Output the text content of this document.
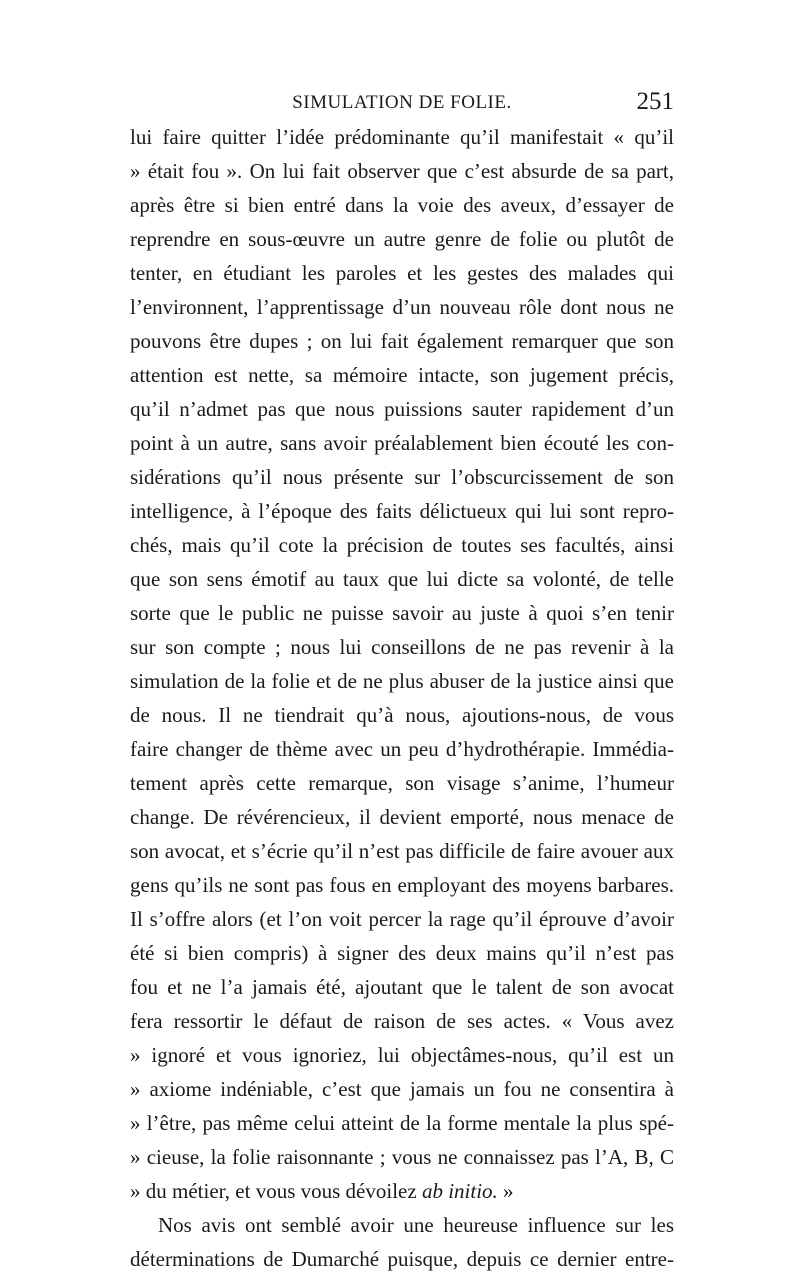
SIMULATION DE FOLIE.	251
lui faire quitter l’idée prédominante qu’il manifestait « qu’il
» était fou ». On lui fait observer que c’est absurde de sa part,
après être si bien entré dans la voie des aveux, d’essayer de
reprendre en sous-œuvre un autre genre de folie ou plutôt de
tenter, en étudiant les paroles et les gestes des malades qui
l’environnent, l’apprentissage d’un nouveau rôle dont nous ne
pouvons être dupes ; on lui fait également remarquer que son
attention est nette, sa mémoire intacte, son jugement précis,
qu’il n’admet pas que nous puissions sauter rapidement d’un
point à un autre, sans avoir préalablement bien écouté les con-
sidérations qu’il nous présente sur l’obscurcissement de son
intelligence, à l’époque des faits délictueux qui lui sont repro-
chés, mais qu’il cote la précision de toutes ses facultés, ainsi
que son sens émotif au taux que lui dicte sa volonté, de telle
sorte que le public ne puisse savoir au juste à quoi s’en tenir
sur son compte ; nous lui conseillons de ne pas revenir à la
simulation de la folie et de ne plus abuser de la justice ainsi que
de nous. Il ne tiendrait qu’à nous, ajoutions-nous, de vous
faire changer de thème avec un peu d’hydrothérapie. Immédia-
tement après cette remarque, son visage s’anime, l’humeur
change. De révérencieux, il devient emporté, nous menace de
son avocat, et s’écrie qu’il n’est pas difficile de faire avouer aux
gens qu’ils ne sont pas fous en employant des moyens barbares.
Il s’offre alors (et l’on voit percer la rage qu’il éprouve d’avoir
été si bien compris) à signer des deux mains qu’il n’est pas
fou et ne l’a jamais été, ajoutant que le talent de son avocat
fera ressortir le défaut de raison de ses actes. « Vous avez
» ignoré et vous ignoriez, lui objectâmes-nous, qu’il est un
» axiome indéniable, c’est que jamais un fou ne consentira à
» l’être, pas même celui atteint de la forme mentale la plus spé-
» cieuse, la folie raisonnante ; vous ne connaissez pas l’A, B, C
» du métier, et vous vous dévoilez ab initio. »
Nos avis ont semblé avoir une heureuse influence sur les
déterminations de Dumarché puisque, depuis ce dernier entre-
